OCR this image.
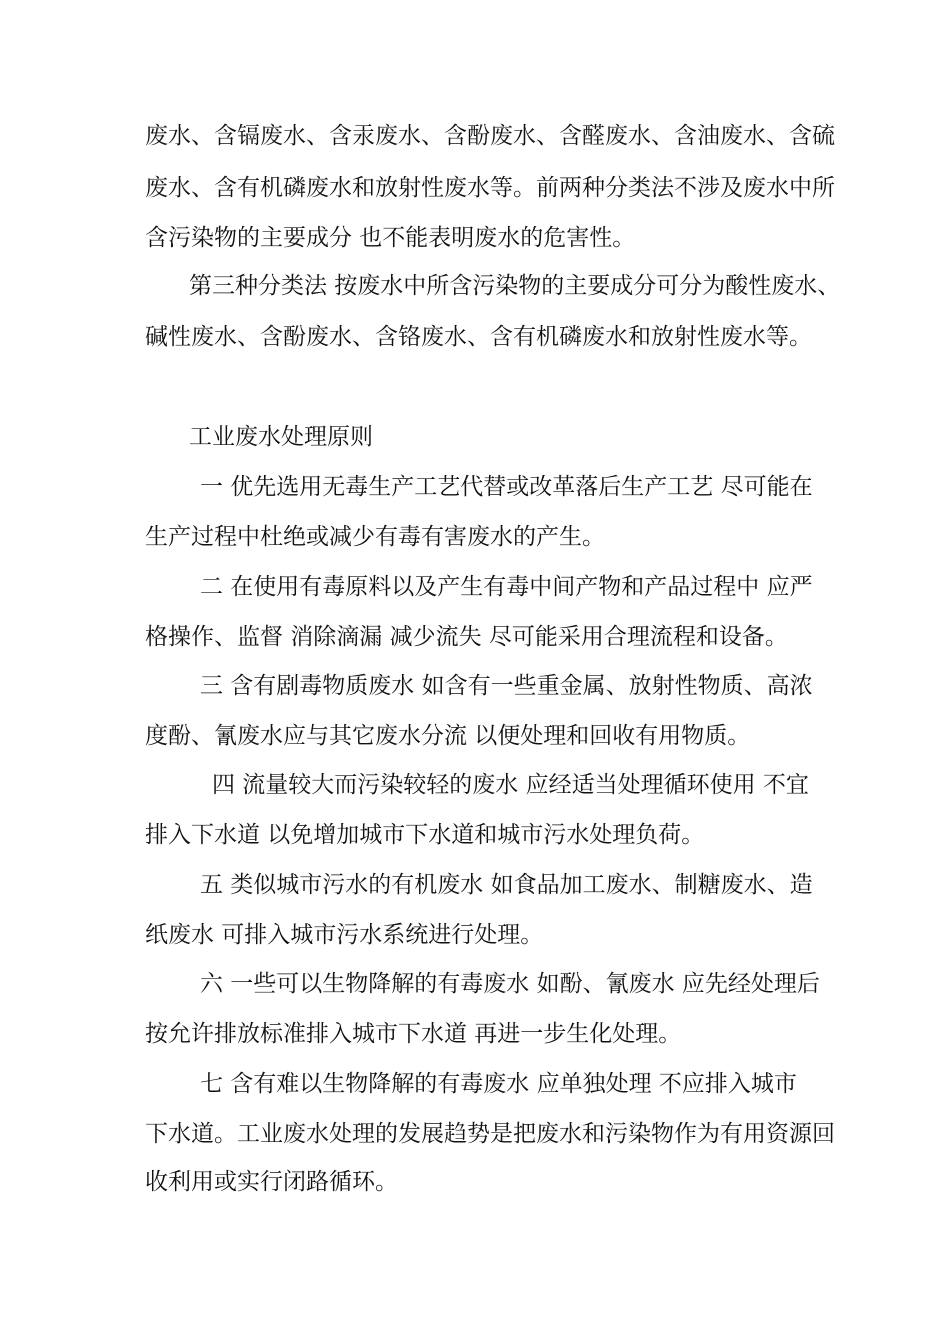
废水、含镉废水、含汞废水、含酚废水、含醛废水、含油废水、含硫
废水、含有机磷废水和放射性废水等。前两种分类法不涉及废水中所
含污染物的主要成分 也不能表明废水的危害性。
第三种分类法 按废水中所含污染物的主要成分可分为酸性废水、
碱性废水、含酚废水、含铬废水、含有机磷废水和放射性废水等。
工业废水处理原则
一 优先选用无毒生产工艺代替或改革落后生产工艺 尽可能在
生产过程中杜绝或减少有毒有害废水的产生。
二 在使用有毒原料以及产生有毒中间产物和产品过程中 应严
格操作、监督 消除滴漏 减少流失 尽可能采用合理流程和设备。
三 含有剧毒物质废水 如含有一些重金属、放射性物质、高浓
度酚、氰废水应与其它废水分流 以便处理和回收有用物质。
四 流量较大而污染较轻的废水 应经适当处理循环使用 不宜
排入下水道 以免增加城市下水道和城市污水处理负荷。
五 类似城市污水的有机废水 如食品加工废水、制糖废水、造
纸废水 可排入城市污水系统进行处理。
六 一些可以生物降解的有毒废水 如酚、氰废水 应先经处理后
按允许排放标准排入城市下水道 再进一步生化处理。
七 含有难以生物降解的有毒废水 应单独处理 不应排入城市
下水道。工业废水处理的发展趋势是把废水和污染物作为有用资源回
收利用或实行闭路循环。
